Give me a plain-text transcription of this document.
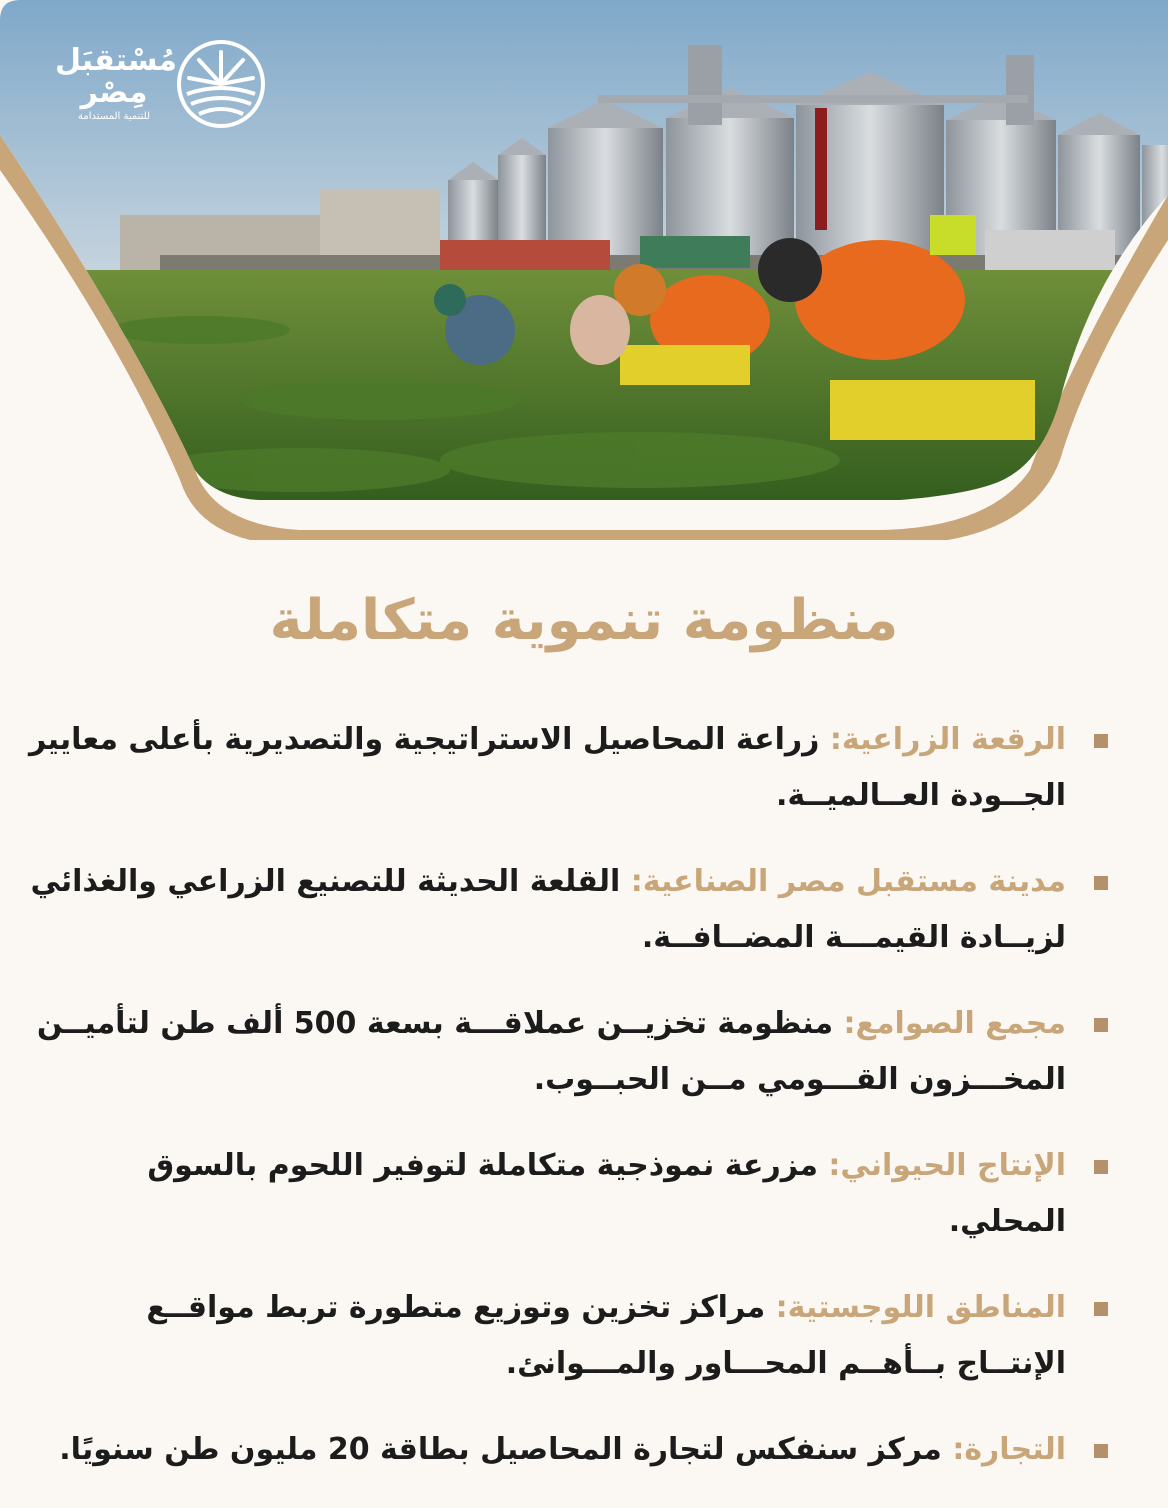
مُسْتقبَل
مِصْر
للتنمية المستدامة
منظومة تنموية متكاملة
الرقعة الزراعية: زراعة المحاصيل الاستراتيجية والتصديرية بأعلى معايير الجــودة العــالميــة.
مدينة مستقبل مصر الصناعية: القلعة الحديثة للتصنيع الزراعي والغذائي لزيــادة القيمـــة المضــافــة.
مجمع الصوامع: منظومة تخزيــن عملاقـــة بسعة 500 ألف طن لتأميــن المخـــزون القـــومي مــن الحبــوب.
الإنتاج الحيواني: مزرعة نموذجية متكاملة لتوفير اللحوم بالسوق المحلي.
المناطق اللوجستية: مراكز تخزين وتوزيع متطورة تربط مواقــع الإنتــاج بــأهــم المحـــاور والمـــوانئ.
التجارة: مركز سنفكس لتجارة المحاصيل بطاقة 20 مليون طن سنويًا.
